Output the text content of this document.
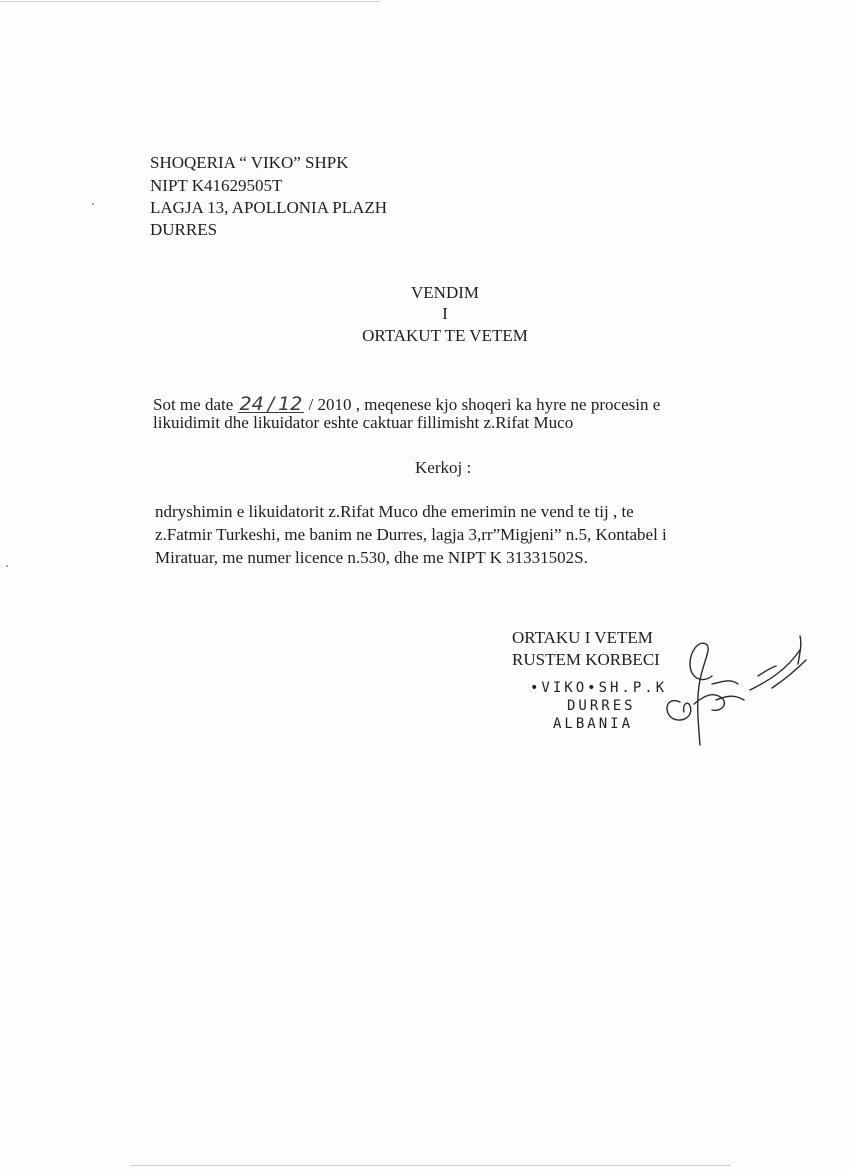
SHOQERIA “ VIKO” SHPK
NIPT K41629505T
LAGJA 13, APOLLONIA PLAZH
DURRES
VENDIM
I
ORTAKUT TE VETEM
Sot me date 24 / 12 / 2010 , meqenese kjo shoqeri ka hyre ne procesin e
likuidimit dhe likuidator eshte caktuar fillimisht z.Rifat Muco
Kerkoj :
ndryshimin e likuidatorit z.Rifat Muco dhe emerimin ne vend te tij , te
z.Fatmir Turkeshi, me banim ne Durres, lagja 3,rr”Migjeni” n.5, Kontabel i
Miratuar, me numer licence n.530, dhe me NIPT K 31331502S.
ORTAKU I VETEM
RUSTEM KORBECI
•VIKO•SH.P.K
DURRES
ALBANIA
